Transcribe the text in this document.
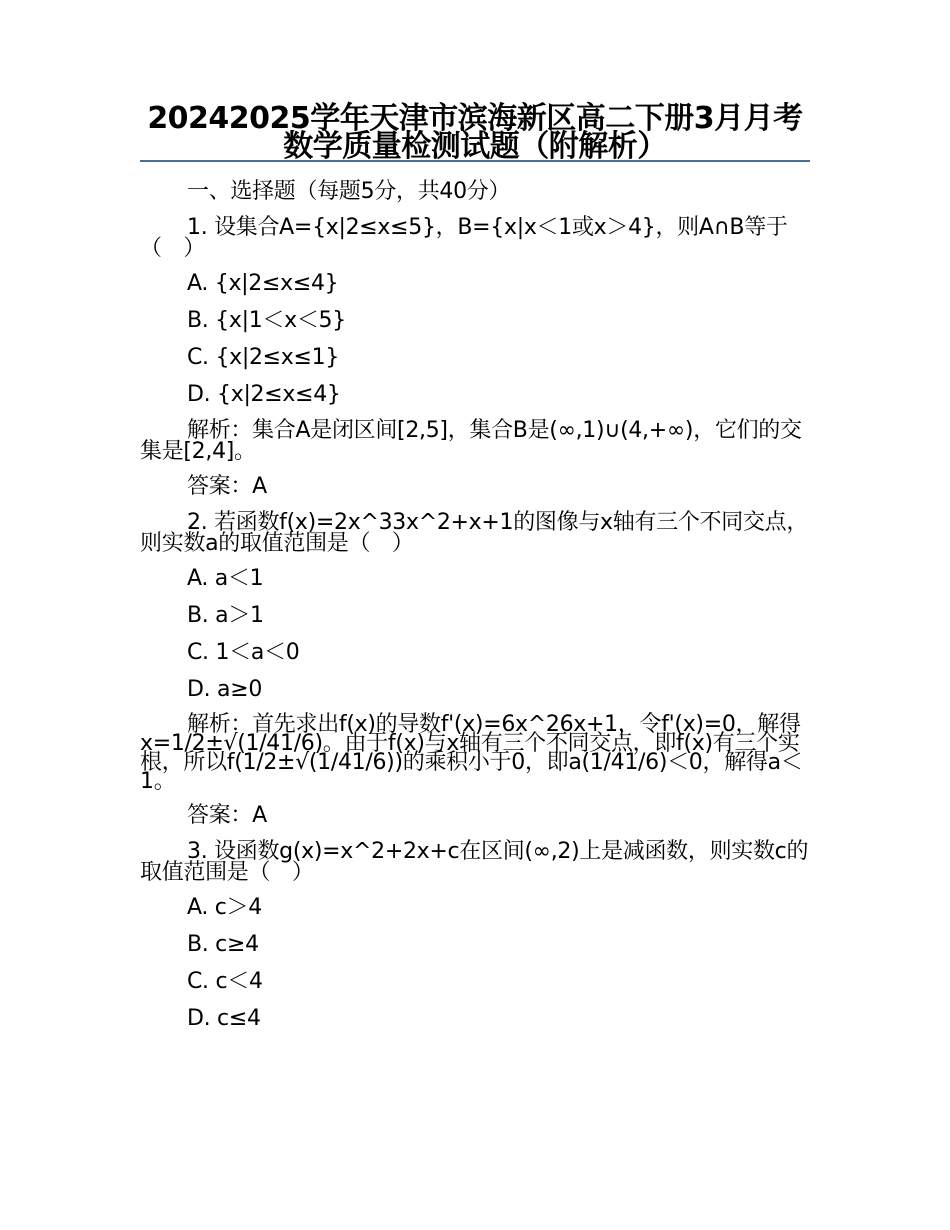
20242025学年天津市滨海新区高二下册3月月考数学质量检测试题（附解析）
一、选择题（每题5分，共40分）
1. 设集合A={x|2≤x≤5}，B={x|x＜1或x＞4}，则A∩B等于（　）
A. {x|2≤x≤4}
B. {x|1＜x＜5}
C. {x|2≤x≤1}
D. {x|2≤x≤4}
解析：集合A是闭区间[2,5]，集合B是(∞,1)∪(4,+∞)，它们的交集是[2,4]。
答案：A
2. 若函数f(x)=2x^33x^2+x+1的图像与x轴有三个不同交点，则实数a的取值范围是（　）
A. a＜1
B. a＞1
C. 1＜a＜0
D. a≥0
解析：首先求出f(x)的导数f'(x)=6x^26x+1，令f'(x)=0，解得x=1/2±√(1/41/6)。由于f(x)与x轴有三个不同交点，即f(x)有三个实根，所以f(1/2±√(1/41/6))的乘积小于0，即a(1/41/6)＜0，解得a＜1。
答案：A
3. 设函数g(x)=x^2+2x+c在区间(∞,2)上是减函数，则实数c的取值范围是（　）
A. c＞4
B. c≥4
C. c＜4
D. c≤4
